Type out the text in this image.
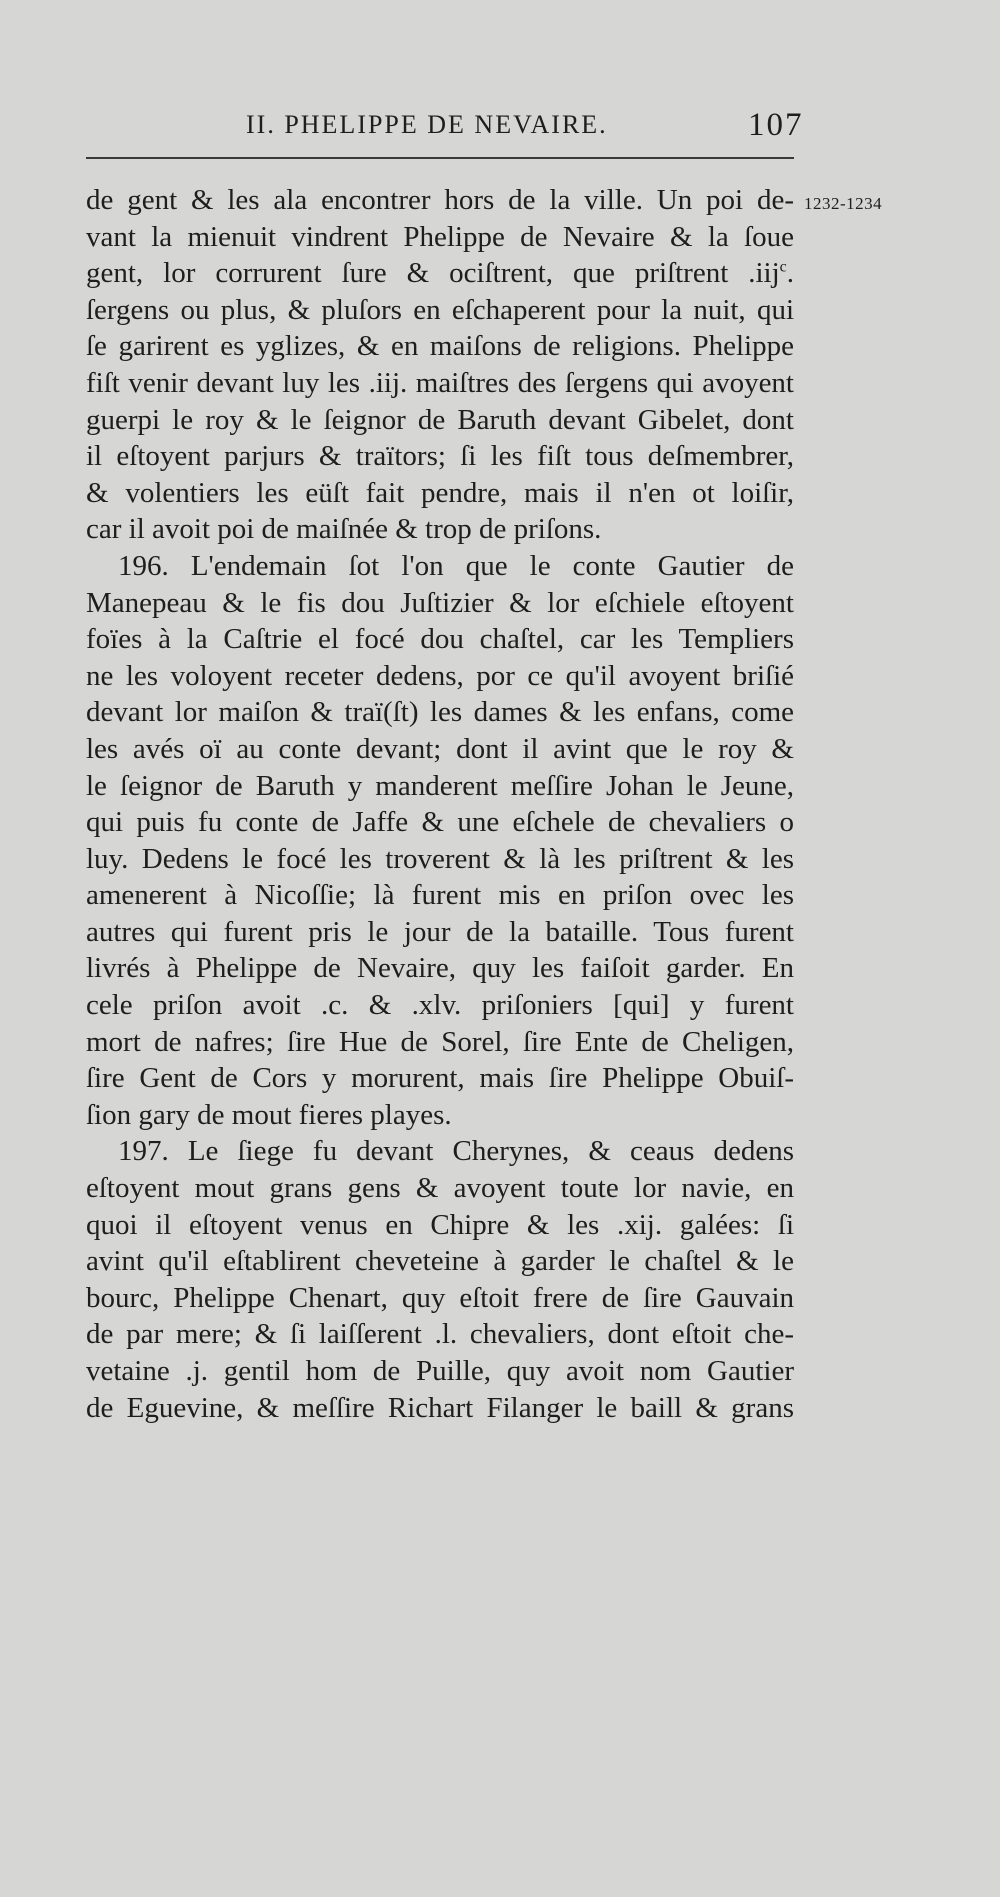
II. PHELIPPE DE NEVAIRE.	107
1232-1234
de gent & les ala encontrer hors de la ville. Un poi de-
vant la mienuit vindrent Phelippe de Nevaire & la ſoue
gent, lor corrurent ſure & ociſtrent, que priſtrent .iij$^c$.
ſergens ou plus, & pluſors en eſchaperent pour la nuit, qui
ſe garirent es yglizes, & en maiſons de religions. Phelippe
fiſt venir devant luy les .iij. maiſtres des ſergens qui avoyent
guerpi le roy & le ſeignor de Baruth devant Gibelet, dont
il eſtoyent parjurs & traïtors; ſi les fiſt tous deſmembrer,
& volentiers les eüſt fait pendre, mais il n'en ot loiſir,
car il avoit poi de maiſnée & trop de priſons.
196. L'endemain ſot l'on que le conte Gautier de
Manepeau & le fis dou Juſtizier & lor eſchiele eſtoyent
foïes à la Caſtrie el focé dou chaſtel, car les Templiers
ne les voloyent receter dedens, por ce qu'il avoyent briſié
devant lor maiſon & traï(ſt) les dames & les enfans, come
les avés oï au conte devant; dont il avint que le roy &
le ſeignor de Baruth y manderent meſſire Johan le Jeune,
qui puis fu conte de Jaffe & une eſchele de chevaliers o
luy. Dedens le focé les troverent & là les priſtrent & les
amenerent à Nicoſſie; là furent mis en priſon ovec les
autres qui furent pris le jour de la bataille. Tous furent
livrés à Phelippe de Nevaire, quy les faiſoit garder. En
cele priſon avoit .c. & .xlv. priſoniers [qui] y furent
mort de nafres; ſire Hue de Sorel, ſire Ente de Cheligen,
ſire Gent de Cors y morurent, mais ſire Phelippe Obuiſ-
ſion gary de mout fieres playes.
197. Le ſiege fu devant Cherynes, & ceaus dedens
eſtoyent mout grans gens & avoyent toute lor navie, en
quoi il eſtoyent venus en Chipre & les .xij. galées: ſi
avint qu'il eſtablirent cheveteine à garder le chaſtel & le
bourc, Phelippe Chenart, quy eſtoit frere de ſire Gauvain
de par mere; & ſi laiſſerent .l. chevaliers, dont eſtoit che-
vetaine .j. gentil hom de Puille, quy avoit nom Gautier
de Eguevine, & meſſire Richart Filanger le baill & grans
